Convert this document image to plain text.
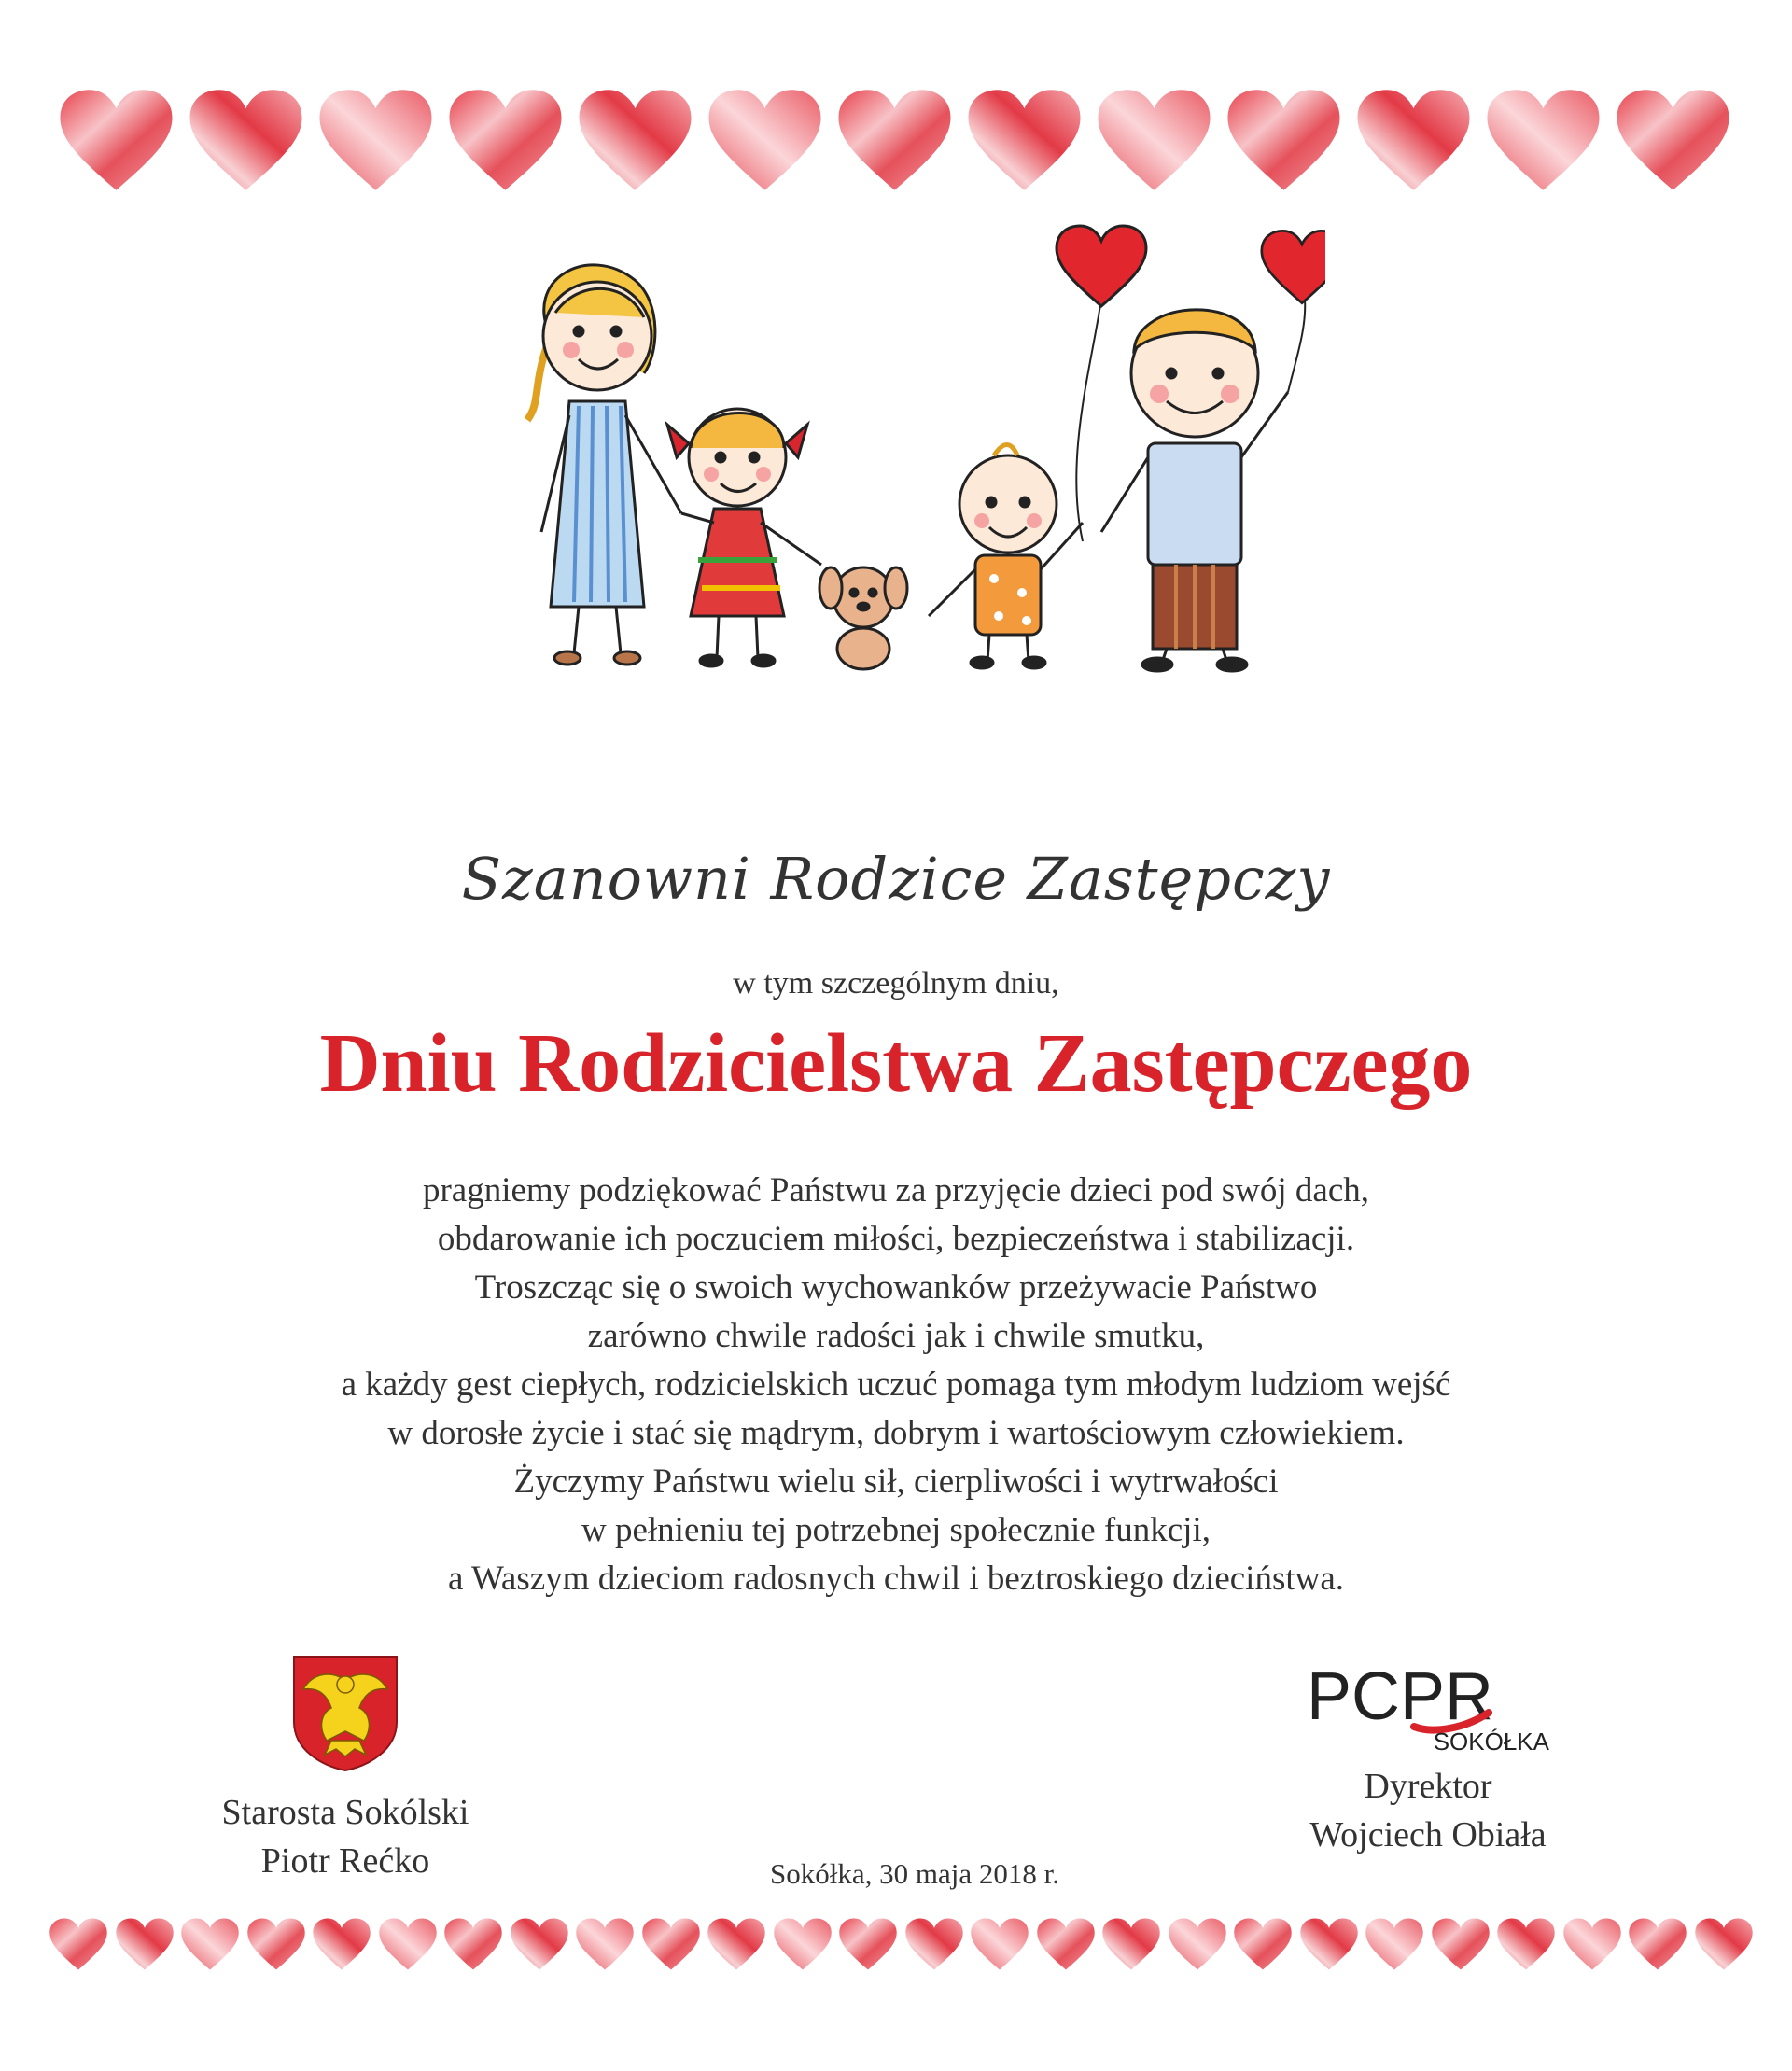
Szanowni Rodzice Zastępczy
w tym szczególnym dniu,
Dniu Rodzicielstwa Zastępczego
pragniemy podziękować Państwu za przyjęcie dzieci pod swój dach,
obdarowanie ich poczuciem miłości, bezpieczeństwa i stabilizacji.
Troszcząc się o swoich wychowanków przeżywacie Państwo
zarówno chwile radości jak i chwile smutku,
a każdy gest ciepłych, rodzicielskich uczuć pomaga tym młodym ludziom wejść
w dorosłe życie i stać się mądrym, dobrym i wartościowym człowiekiem.
Życzymy Państwu wielu sił, cierpliwości i wytrwałości
w pełnieniu tej potrzebnej społecznie funkcji,
a Waszym dzieciom radosnych chwil i beztroskiego dzieciństwa.
Starosta Sokólski
Piotr Rećko
PCPR
SOKÓŁKA
Dyrektor
Wojciech Obiała
Sokółka, 30 maja 2018 r.
